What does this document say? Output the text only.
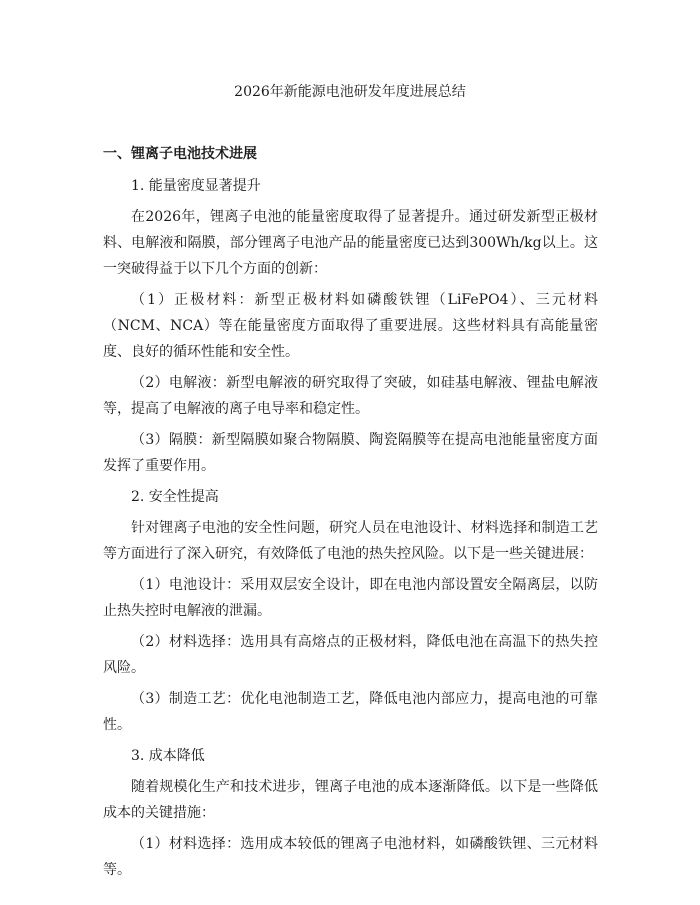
2026年新能源电池研发年度进展总结
一、锂离子电池技术进展

1. 能量密度显著提升

在2026年，锂离子电池的能量密度取得了显著提升。通过研发新型正极材料、电解液和隔膜，部分锂离子电池产品的能量密度已达到300Wh/kg以上。这一突破得益于以下几个方面的创新：

（1）正极材料：新型正极材料如磷酸铁锂（LiFePO4）、三元材料（NCM、NCA）等在能量密度方面取得了重要进展。这些材料具有高能量密度、良好的循环性能和安全性。

（2）电解液：新型电解液的研究取得了突破，如硅基电解液、锂盐电解液等，提高了电解液的离子电导率和稳定性。

（3）隔膜：新型隔膜如聚合物隔膜、陶瓷隔膜等在提高电池能量密度方面发挥了重要作用。

2. 安全性提高

针对锂离子电池的安全性问题，研究人员在电池设计、材料选择和制造工艺等方面进行了深入研究，有效降低了电池的热失控风险。以下是一些关键进展：

（1）电池设计：采用双层安全设计，即在电池内部设置安全隔离层，以防止热失控时电解液的泄漏。

（2）材料选择：选用具有高熔点的正极材料，降低电池在高温下的热失控风险。

（3）制造工艺：优化电池制造工艺，降低电池内部应力，提高电池的可靠性。

3. 成本降低

随着规模化生产和技术进步，锂离子电池的成本逐渐降低。以下是一些降低成本的关键措施：

（1）材料选择：选用成本较低的锂离子电池材料，如磷酸铁锂、三元材料等。
